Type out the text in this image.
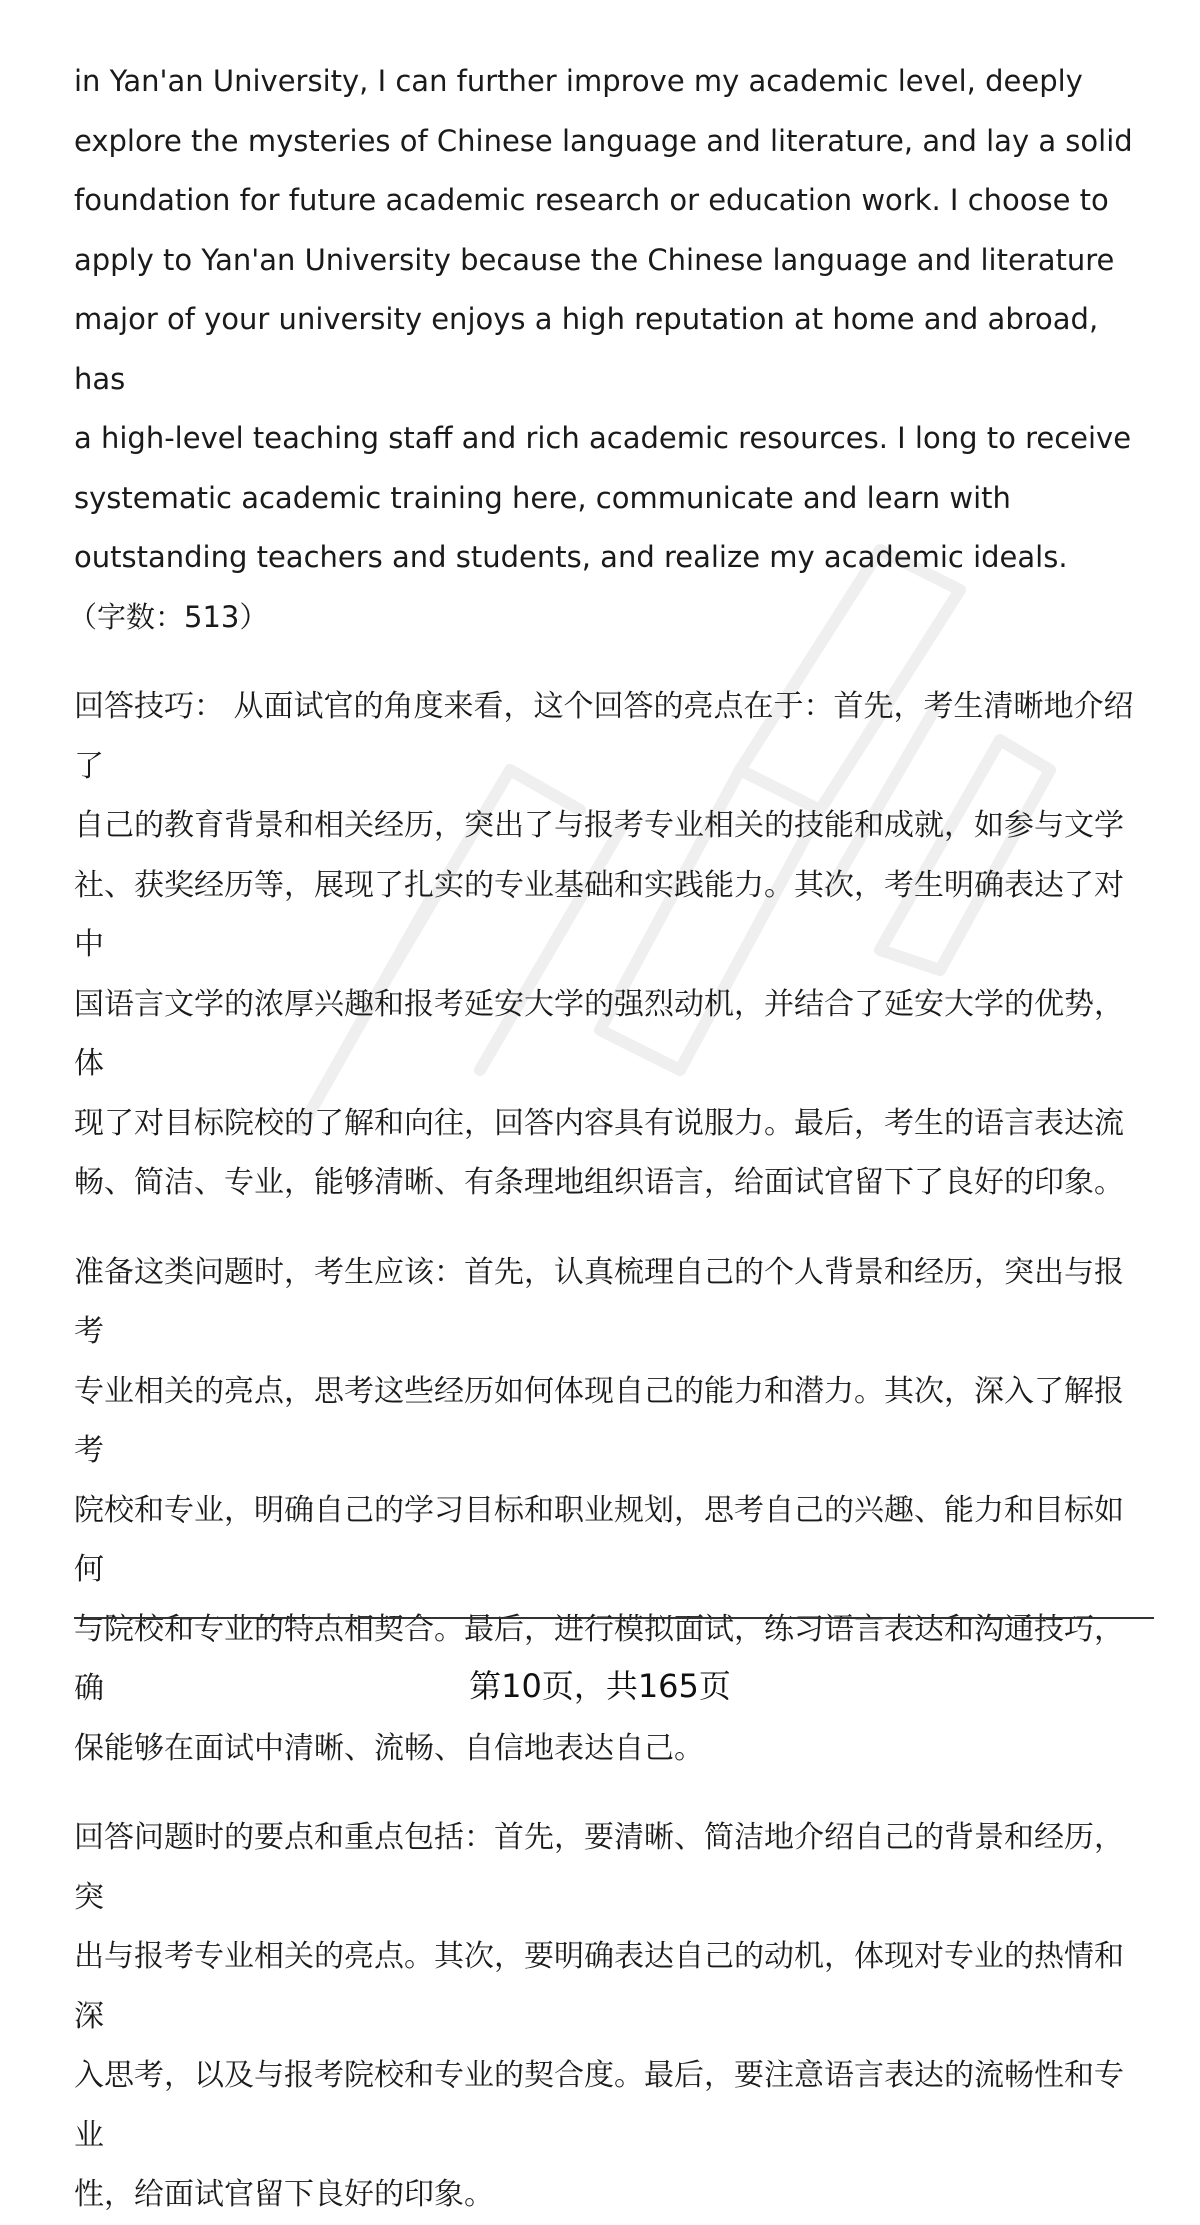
in Yan'an University, I can further improve my academic level, deeply
explore the mysteries of Chinese language and literature, and lay a solid
foundation for future academic research or education work. I choose to
apply to Yan'an University because the Chinese language and literature
major of your university enjoys a high reputation at home and abroad, has
a high-level teaching staff and rich academic resources. I long to receive
systematic academic training here, communicate and learn with
outstanding teachers and students, and realize my academic ideals.

（字数：513）

回答技巧： 从面试官的角度来看，这个回答的亮点在于：首先，考生清晰地介绍了
自己的教育背景和相关经历，突出了与报考专业相关的技能和成就，如参与文学
社、获奖经历等，展现了扎实的专业基础和实践能力。其次，考生明确表达了对中
国语言文学的浓厚兴趣和报考延安大学的强烈动机，并结合了延安大学的优势，体
现了对目标院校的了解和向往，回答内容具有说服力。最后，考生的语言表达流
畅、简洁、专业，能够清晰、有条理地组织语言，给面试官留下了良好的印象。

准备这类问题时，考生应该：首先，认真梳理自己的个人背景和经历，突出与报考
专业相关的亮点，思考这些经历如何体现自己的能力和潜力。其次，深入了解报考
院校和专业，明确自己的学习目标和职业规划，思考自己的兴趣、能力和目标如何
与院校和专业的特点相契合。最后，进行模拟面试，练习语言表达和沟通技巧，确
保能够在面试中清晰、流畅、自信地表达自己。

回答问题时的要点和重点包括：首先，要清晰、简洁地介绍自己的背景和经历，突
出与报考专业相关的亮点。其次，要明确表达自己的动机，体现对专业的热情和深
入思考，以及与报考院校和专业的契合度。最后，要注意语言表达的流畅性和专业
性，给面试官留下良好的印象。

第10页，共165页
